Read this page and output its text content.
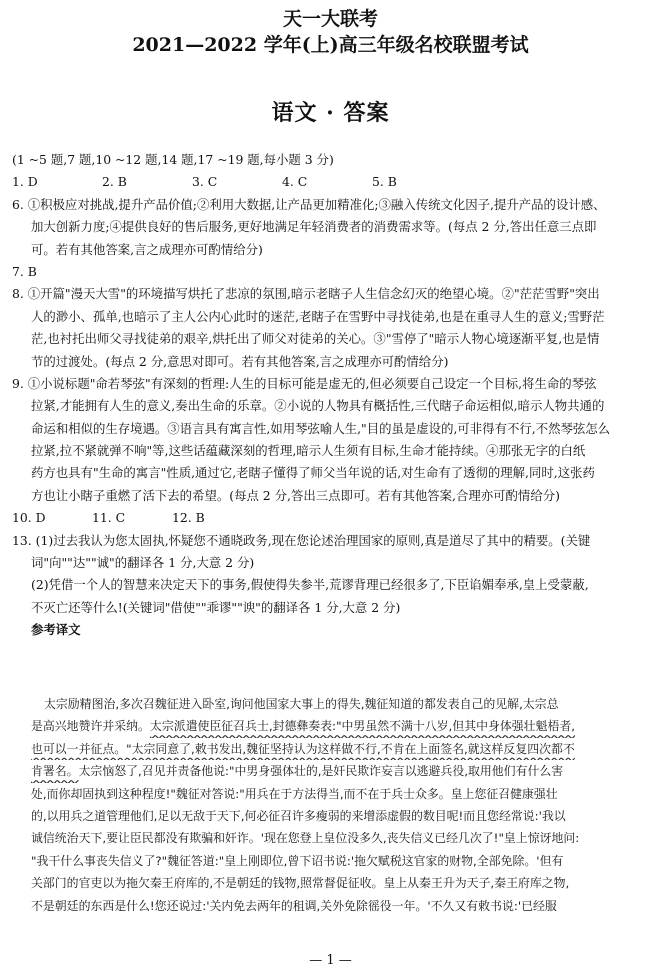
天一大联考
2021—2022 学年(上)高三年级名校联盟考试
语文 · 答案
(1 ~5 题,7 题,10 ~12 题,14 题,17 ~19 题,每小题 3 分)
1. D	2. B	3. C	4. C	5. B
6. ①积极应对挑战,提升产品价值;②利用大数据,让产品更加精准化;③融入传统文化因子,提升产品的设计感、
加大创新力度;④提供良好的售后服务,更好地满足年轻消费者的消费需求等。(每点 2 分,答出任意三点即
可。若有其他答案,言之成理亦可酌情给分)
7. B
8. ①开篇"漫天大雪"的环境描写烘托了悲凉的氛围,暗示老瞎子人生信念幻灭的绝望心境。②"茫茫雪野"突出
人的渺小、孤单,也暗示了主人公内心此时的迷茫,老瞎子在雪野中寻找徒弟,也是在重寻人生的意义;雪野茫
茫,也衬托出师父寻找徒弟的艰辛,烘托出了师父对徒弟的关心。③"雪停了"暗示人物心境逐渐平复,也是情
节的过渡处。(每点 2 分,意思对即可。若有其他答案,言之成理亦可酌情给分)
9. ①小说标题"命若琴弦"有深刻的哲理:人生的目标可能是虚无的,但必须要自己设定一个目标,将生命的琴弦
拉紧,才能拥有人生的意义,奏出生命的乐章。②小说的人物具有概括性,三代瞎子命运相似,暗示人物共通的
命运和相似的生存境遇。③语言具有寓言性,如用琴弦喻人生,"目的虽是虚设的,可非得有不行,不然琴弦怎么
拉紧,拉不紧就弹不响"等,这些话蕴藏深刻的哲理,暗示人生须有目标,生命才能持续。④那张无字的白纸
药方也具有"生命的寓言"性质,通过它,老瞎子懂得了师父当年说的话,对生命有了透彻的理解,同时,这张药
方也让小瞎子重燃了活下去的希望。(每点 2 分,答出三点即可。若有其他答案,合理亦可酌情给分)
10. D	11. C	12. B
13. (1)过去我认为您太固执,怀疑您不通晓政务,现在您论述治理国家的原则,真是道尽了其中的精要。(关键
词"向""达""诚"的翻译各 1 分,大意 2 分)
(2)凭借一个人的智慧来决定天下的事务,假使得失参半,荒谬背理已经很多了,下臣谄媚奉承,皇上受蒙蔽,
不灭亡还等什么!(关键词"借使""乖谬""谀"的翻译各 1 分,大意 2 分)
参考译文
太宗励精图治,多次召魏征进入卧室,询问他国家大事上的得失,魏征知道的都发表自己的见解,太宗总
是高兴地赞许并采纳。太宗派遣使臣征召兵士,封德彝奏表:"中男虽然不满十八岁,但其中身体强壮魁梧者,
也可以一并征点。"太宗同意了,敕书发出,魏征坚持认为这样做不行,不肯在上面签名,就这样反复四次都不
肯署名。太宗恼怒了,召见并责备他说:"中男身强体壮的,是奸民欺诈妄言以逃避兵役,取用他们有什么害
处,而你却固执到这种程度!"魏征对答说:"用兵在于方法得当,而不在于兵士众多。皇上您征召健康强壮
的,以用兵之道管理他们,足以无敌于天下,何必征召许多瘦弱的来增添虚假的数目呢!而且您经常说:'我以
诚信统治天下,要让臣民都没有欺骗和奸诈。'现在您登上皇位没多久,丧失信义已经几次了!"皇上惊讶地问:
"我干什么事丧失信义了?"魏征答道:"皇上刚即位,曾下诏书说:'拖欠赋税这官家的财物,全部免除。'但有
关部门的官吏以为拖欠秦王府库的,不是朝廷的钱物,照常督促征收。皇上从秦王升为天子,秦王府库之物,
不是朝廷的东西是什么!您还说过:'关内免去两年的租调,关外免除徭役一年。'不久又有敕书说:'已经服
— 1 —
